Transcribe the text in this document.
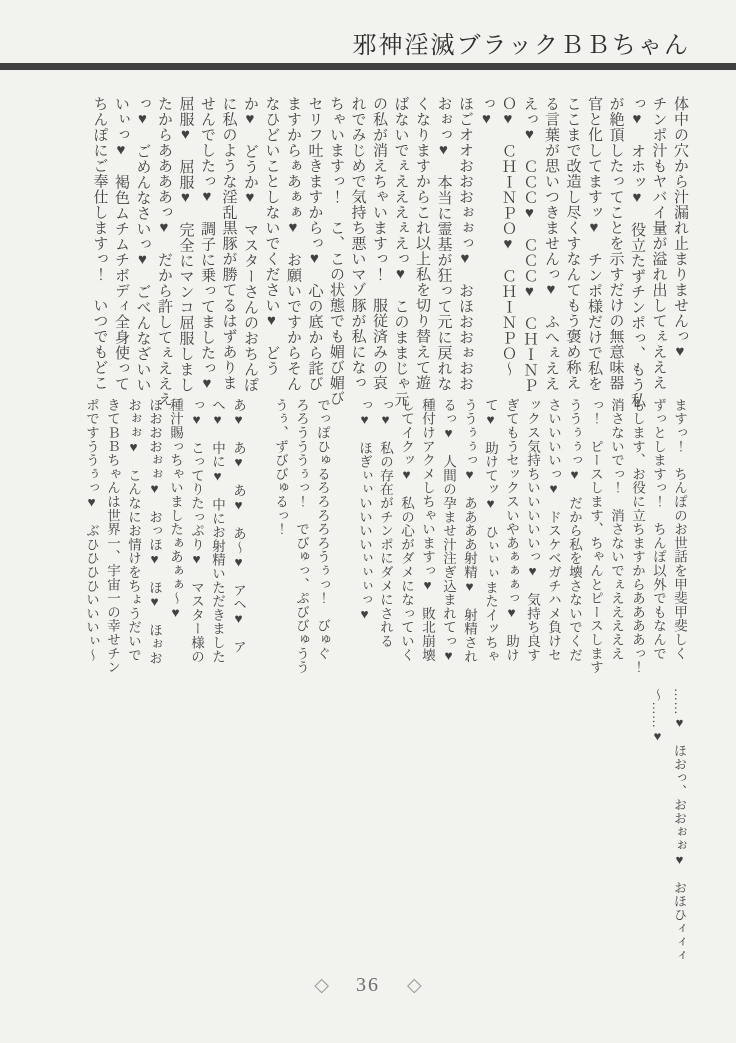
邪神淫滅ブラックＢＢちゃん

体中の穴から汁漏れ止まりませんっ♥

チンポ汁もヤバイ量が溢れ出してぇえええ

っ♥　オホッ♥　役立たずチンポっ、もう私

が絶頂したってことを示すだけの無意味器

官と化してますッ♥　チンポ様だけで私を

ここまで改造し尽くすなんてもう褒め称え

る言葉が思いつきませんっ♥　ふへぇええ

えっ♥　ＣＣＣ♥　ＣＣＣ♥　ＣＨＩＮＰ

Ｏ♥　ＣＨＩＮＰＯ♥　ＣＨＩＮＰＯ～

っ♥

ほごオオおおおぉぉっ♥　おほおおぉおお

おぉっ♥　本当に霊基が狂って元に戻れな

くなりますからこれ以上私を切り替えて遊

ばないでぇえええぇえっ♥　このままじゃ元

の私が消えちゃいますっ！　服従済みの哀

れでみじめで気持ち悪いマゾ豚が私になっ

ちゃいますっ！　こ、この状態でも媚び媚び

セリフ吐きますからっ♥　心の底から詫び

ますからぁあぁぁ♥　お願いですからそん

なひどいことしないでください♥　どう

か♥　どうか♥　マスターさんのおちんぽ

に私のような淫乱黒豚が勝てるはずありま

せんでしたっ♥　調子に乗ってましたっ♥

屈服♥　屈服♥　完全にマンコ屈服しまし

たからああああっ♥　だから許してぇえええ

っ♥　ごめんなさいっ♥　ごべんなざいい

いぃっ♥　褐色ムチムチボディ全身使って

ちんぽにご奉仕しますっ！　いつでもどこ

ますっ！　ちんぽのお世話を甲斐甲斐しく

ずっとしますっ！　ちんぽ以外でもなんで

もします、お役に立ちますからああああっ！

消さないでっ！　消さないでぇえええええ

っ！　ピースします、ちゃんとピースします

ううぅぅっ♥　だから私を壊さないでくだ

さいいいいっ♥　ドスケベガチハメ負けセ

ックス気持ちいいいいいっ♥　気持ち良す

ぎてもうセックスいやあぁぁぁっ♥　助け

て♥　助けてッ♥　ひぃぃぃまたイッちゃ

ううぅぅっ♥　ああああ射精♥　射精され

るっ♥　人間の孕ませ汁注ぎ込まれてっ♥

種付けアクメしちゃいますっ♥　敗北崩壊

してイクッ♥　私の心がダメになっていく

っ♥　私の存在がチンポにダメにされる

っ♥　ほぎぃぃいいいいぃぃぃっ♥

でっぽひゅるろろろろろうぅっ！　びゅぐ

ろろうううぅっ！　でびゅっ、ぷびびゅうう

うぅ、ずびびゅるっ！

あ♥　あ♥　あ♥　あ～♥　アヘ♥　ア

へ♥　中に♥　中にお射精いただきました

っ♥　こってりたっぷり♥　マスター様の

種汁賜っちゃいましたぁあぁぁ～♥

ほおおおぉぉ♥　おっほ♥　ほ♥　ほぉお

おぉぉ♥　こんなにお情けをちょうだいで

きてＢＢちゃんは世界一、宇宙一の幸せチン

ポですううぅっ♥　ぶひひひひいいいぃ～

……♥　ほおっ、おおぉぉ♥　おほひィィィ

～……♥

◇ 36 ◇
